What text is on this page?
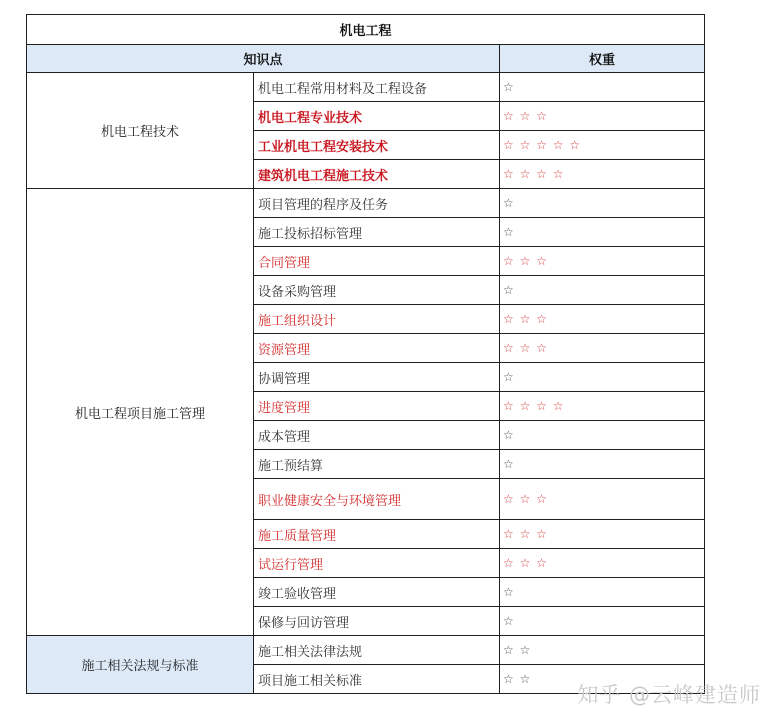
机电工程		
知识点		权重
机电工程技术	机电工程常用材料及工程设备	☆
	机电工程专业技术	☆ ☆ ☆
	工业机电工程安装技术	☆ ☆ ☆ ☆ ☆
	建筑机电工程施工技术	☆ ☆ ☆ ☆
机电工程项目施工管理	项目管理的程序及任务	☆
	施工投标招标管理	☆
	合同管理	☆ ☆ ☆
	设备采购管理	☆
	施工组织设计	☆ ☆ ☆
	资源管理	☆ ☆ ☆
	协调管理	☆
	进度管理	☆ ☆ ☆ ☆
	成本管理	☆
	施工预结算	☆
	职业健康安全与环境管理	☆ ☆ ☆
	施工质量管理	☆ ☆ ☆
	试运行管理	☆ ☆ ☆
	竣工验收管理	☆
	保修与回访管理	☆
施工相关法规与标准	施工相关法律法规	☆ ☆
	项目施工相关标准	☆ ☆
知乎 @云峰建造师
